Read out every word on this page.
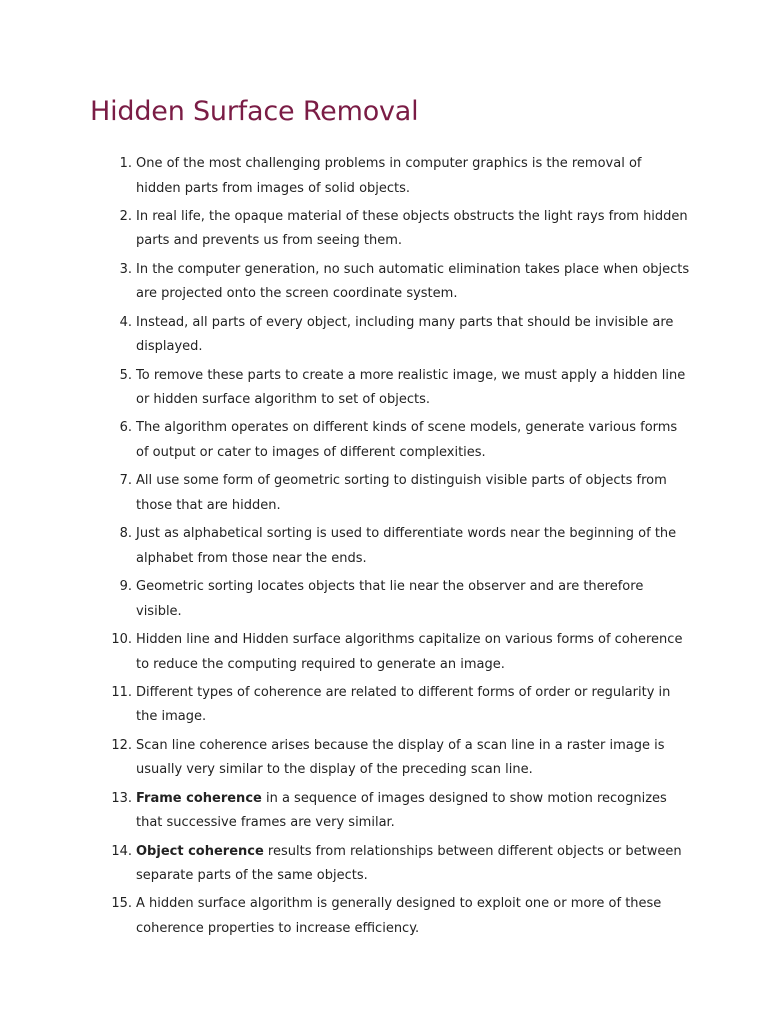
Hidden Surface Removal
1. One of the most challenging problems in computer graphics is the removal of hidden parts from images of solid objects.
2. In real life, the opaque material of these objects obstructs the light rays from hidden parts and prevents us from seeing them.
3. In the computer generation, no such automatic elimination takes place when objects are projected onto the screen coordinate system.
4. Instead, all parts of every object, including many parts that should be invisible are displayed.
5. To remove these parts to create a more realistic image, we must apply a hidden line or hidden surface algorithm to set of objects.
6. The algorithm operates on different kinds of scene models, generate various forms of output or cater to images of different complexities.
7. All use some form of geometric sorting to distinguish visible parts of objects from those that are hidden.
8. Just as alphabetical sorting is used to differentiate words near the beginning of the alphabet from those near the ends.
9. Geometric sorting locates objects that lie near the observer and are therefore visible.
10. Hidden line and Hidden surface algorithms capitalize on various forms of coherence to reduce the computing required to generate an image.
11. Different types of coherence are related to different forms of order or regularity in the image.
12. Scan line coherence arises because the display of a scan line in a raster image is usually very similar to the display of the preceding scan line.
13. Frame coherence in a sequence of images designed to show motion recognizes that successive frames are very similar.
14. Object coherence results from relationships between different objects or between separate parts of the same objects.
15. A hidden surface algorithm is generally designed to exploit one or more of these coherence properties to increase efficiency.
